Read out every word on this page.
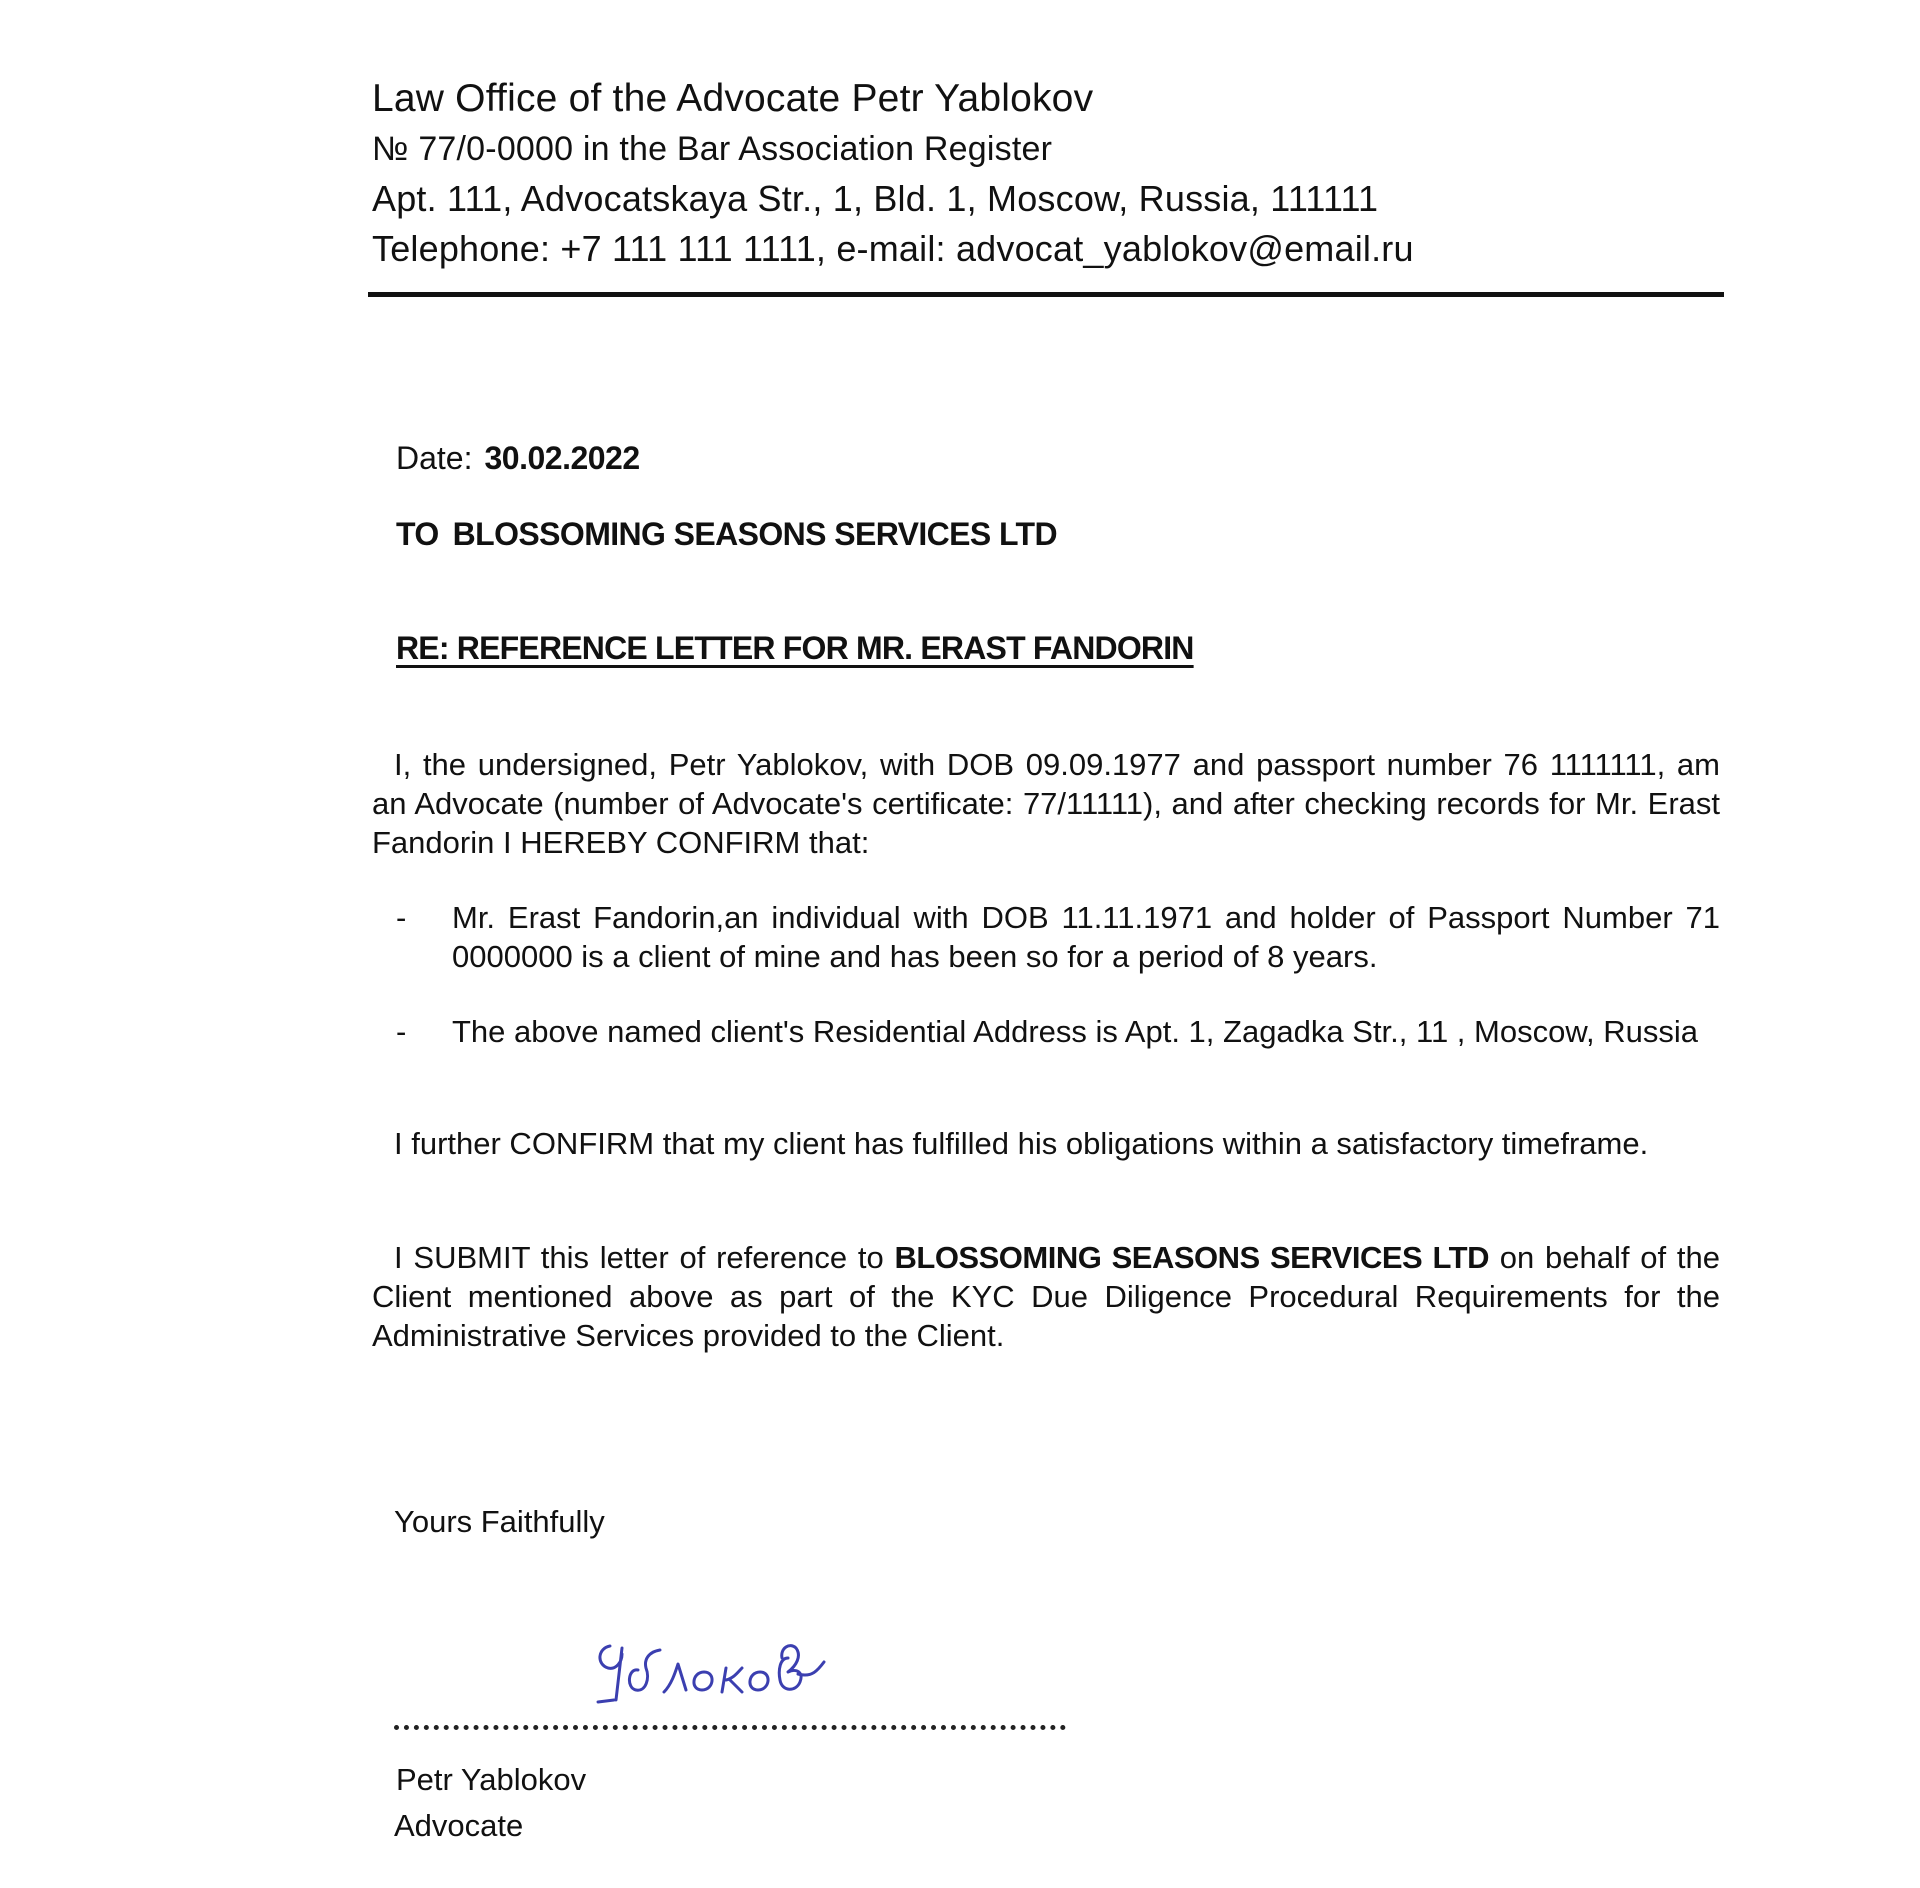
Law Office of the Advocate Petr Yablokov
№ 77/0-0000 in the Bar Association Register
Apt. 111, Advocatskaya Str., 1, Bld. 1, Moscow, Russia, 111111
Telephone: +7 111 111 1111, e-mail: advocat_yablokov@email.ru
Date: 30.02.2022
TO BLOSSOMING SEASONS SERVICES LTD
RE: REFERENCE LETTER FOR MR. ERAST FANDORIN
I, the undersigned, Petr Yablokov, with DOB 09.09.1977 and passport number 76 1111111, am an Advocate (number of Advocate's certificate: 77/11111), and after checking records for Mr. Erast Fandorin I HEREBY CONFIRM that:
- Mr. Erast Fandorin,an individual with DOB 11.11.1971 and holder of Passport Number 71 0000000 is a client of mine and has been so for a period of 8 years.
- The above named client's Residential Address is Apt. 1, Zagadka Str., 11 , Moscow, Russia
I further CONFIRM that my client has fulfilled his obligations within a satisfactory timeframe.
I SUBMIT this letter of reference to BLOSSOMING SEASONS SERVICES LTD on behalf of the Client mentioned above as part of the KYC Due Diligence Procedural Requirements for the Administrative Services provided to the Client.
Yours Faithfully
Petr Yablokov
Advocate
